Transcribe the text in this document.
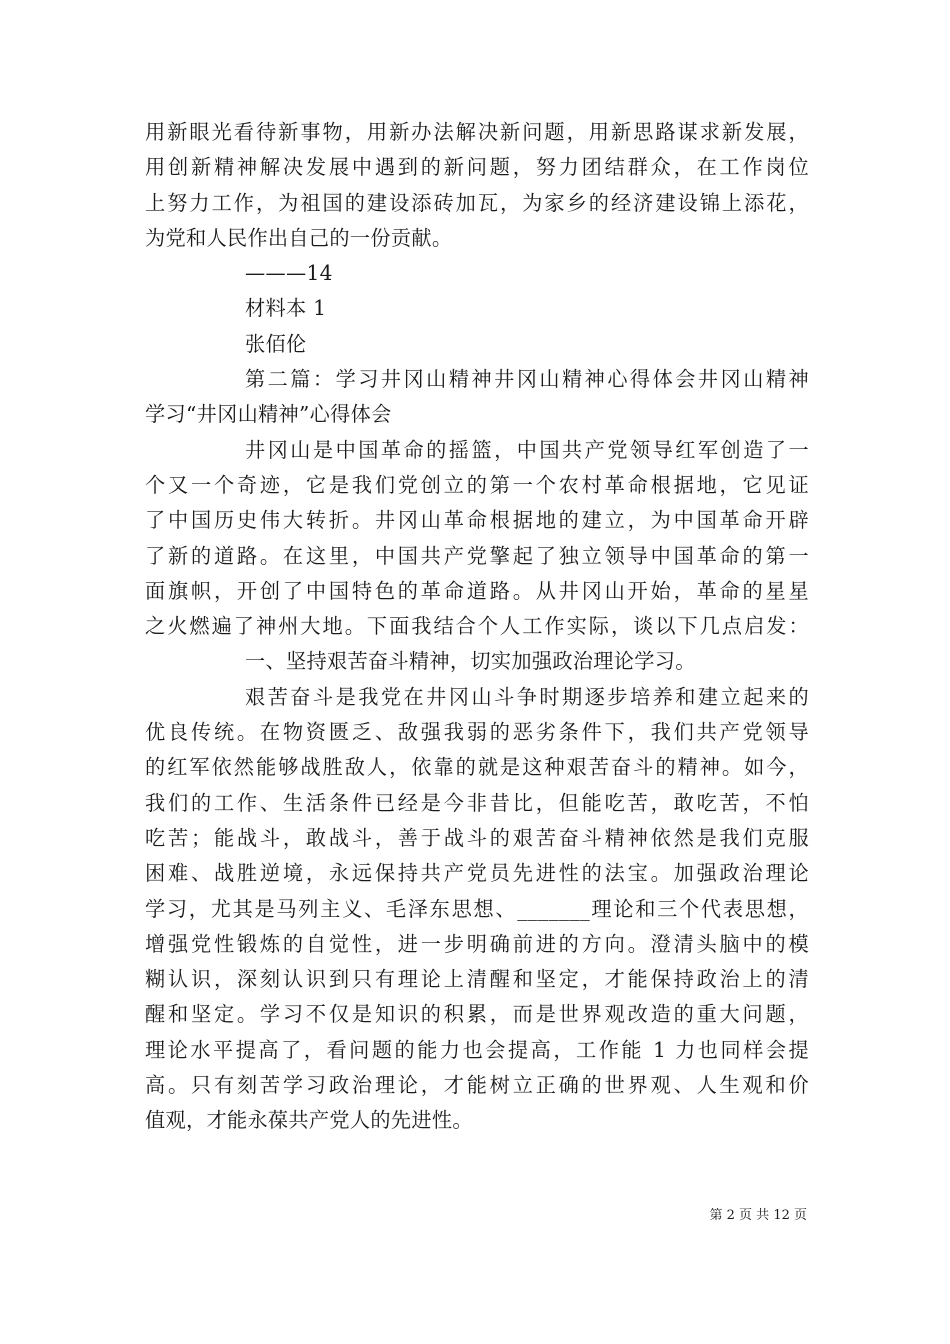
用新眼光看待新事物，用新办法解决新问题，用新思路谋求新发展，
用创新精神解决发展中遇到的新问题，努力团结群众，在工作岗位
上努力工作，为祖国的建设添砖加瓦，为家乡的经济建设锦上添花，
为党和人民作出自己的一份贡献。
———14
材料本 1
张佰伦
第二篇：学习井冈山精神井冈山精神心得体会井冈山精神
学习“井冈山精神”心得体会
井冈山是中国革命的摇篮，中国共产党领导红军创造了一
个又一个奇迹，它是我们党创立的第一个农村革命根据地，它见证
了中国历史伟大转折。井冈山革命根据地的建立，为中国革命开辟
了新的道路。在这里，中国共产党擎起了独立领导中国革命的第一
面旗帜，开创了中国特色的革命道路。从井冈山开始，革命的星星
之火燃遍了神州大地。下面我结合个人工作实际，谈以下几点启发：
一、坚持艰苦奋斗精神，切实加强政治理论学习。
艰苦奋斗是我党在井冈山斗争时期逐步培养和建立起来的
优良传统。在物资匮乏、敌强我弱的恶劣条件下，我们共产党领导
的红军依然能够战胜敌人，依靠的就是这种艰苦奋斗的精神。如今，
我们的工作、生活条件已经是今非昔比，但能吃苦，敢吃苦，不怕
吃苦；能战斗，敢战斗，善于战斗的艰苦奋斗精神依然是我们克服
困难、战胜逆境，永远保持共产党员先进性的法宝。加强政治理论
学习，尤其是马列主义、毛泽东思想、_______理论和三个代表思想，
增强党性锻炼的自觉性，进一步明确前进的方向。澄清头脑中的模
糊认识，深刻认识到只有理论上清醒和坚定，才能保持政治上的清
醒和坚定。学习不仅是知识的积累，而是世界观改造的重大问题，
理论水平提高了，看问题的能力也会提高，工作能 1 力也同样会提
高。只有刻苦学习政治理论，才能树立正确的世界观、人生观和价
值观，才能永葆共产党人的先进性。
第 2 页 共 12 页
